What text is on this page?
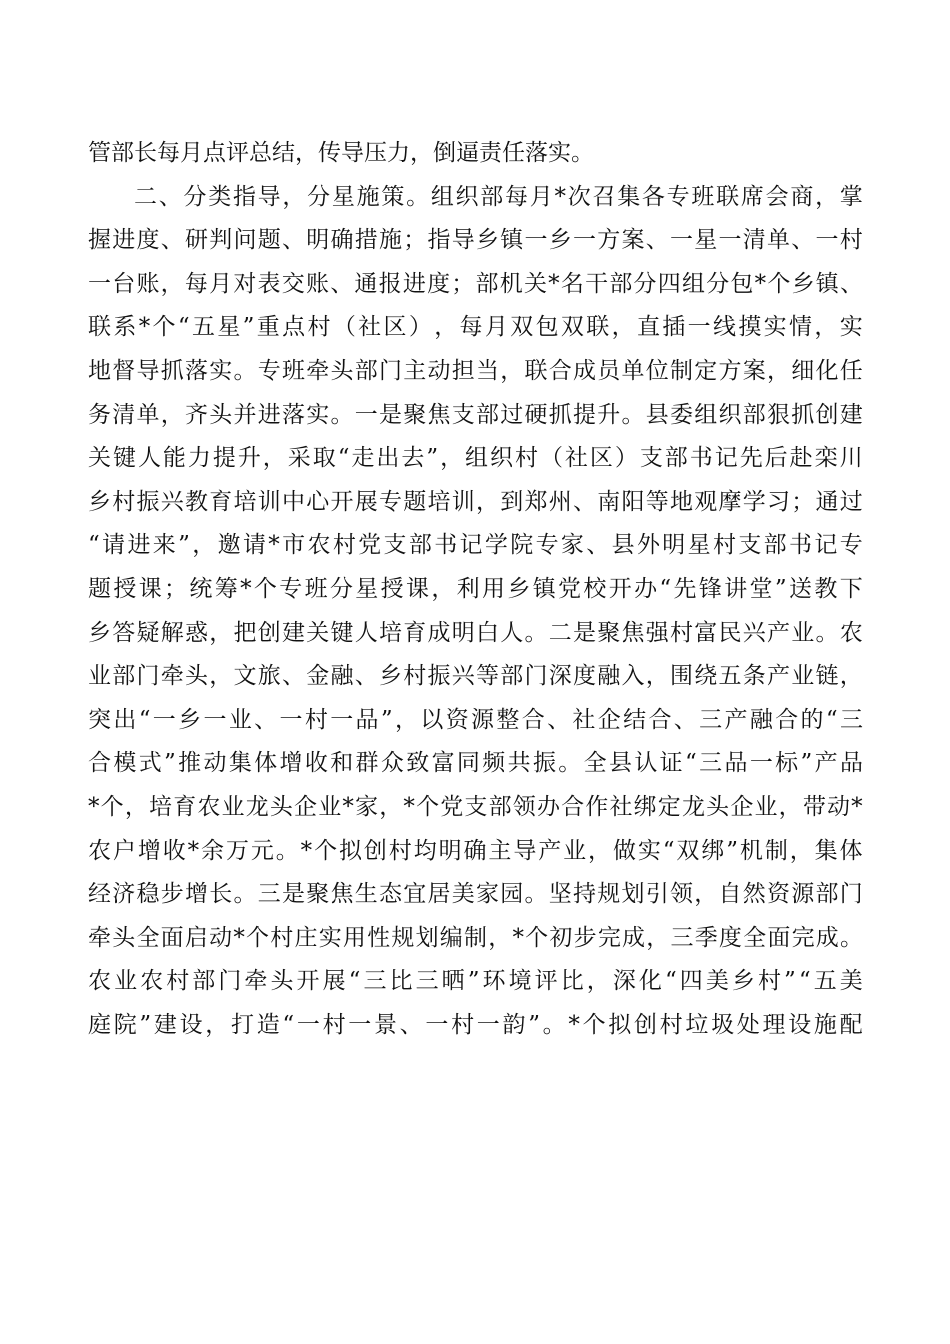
管 部 长 每 月 点 评 总 结 ， 传 导 压 力 ， 倒 逼 责 任 落 实 。
二 、 分 类 指 导 ， 分 星 施 策 。 组 织 部 每 月 * 次 召 集 各 专 班 联 席 会 商 ， 掌
握 进 度 、 研 判 问 题 、 明 确 措 施 ； 指 导 乡 镇 一 乡 一 方 案 、 一 星 一 清 单 、 一 村
一 台 账 ， 每 月 对 表 交 账 、 通 报 进 度 ； 部 机 关 * 名 干 部 分 四 组 分 包 * 个 乡 镇 、
联 系 * 个 “ 五 星 ” 重 点 村 （ 社 区 ） ， 每 月 双 包 双 联 ， 直 插 一 线 摸 实 情 ， 实
地 督 导 抓 落 实 。 专 班 牵 头 部 门 主 动 担 当 ， 联 合 成 员 单 位 制 定 方 案 ， 细 化 任
务 清 单 ， 齐 头 并 进 落 实 。 一 是 聚 焦 支 部 过 硬 抓 提 升 。 县 委 组 织 部 狠 抓 创 建
关 键 人 能 力 提 升 ， 采 取 “ 走 出 去 ” ， 组 织 村 （ 社 区 ） 支 部 书 记 先 后 赴 栾 川
乡 村 振 兴 教 育 培 训 中 心 开 展 专 题 培 训 ， 到 郑 州 、 南 阳 等 地 观 摩 学 习 ； 通 过
“ 请 进 来 ” ， 邀 请 * 市 农 村 党 支 部 书 记 学 院 专 家 、 县 外 明 星 村 支 部 书 记 专
题 授 课 ； 统 筹 * 个 专 班 分 星 授 课 ， 利 用 乡 镇 党 校 开 办 “ 先 锋 讲 堂 ” 送 教 下
乡 答 疑 解 惑 ， 把 创 建 关 键 人 培 育 成 明 白 人 。 二 是 聚 焦 强 村 富 民 兴 产 业 。 农
业 部 门 牵 头 ， 文 旅 、 金 融 、 乡 村 振 兴 等 部 门 深 度 融 入 ， 围 绕 五 条 产 业 链 ，
突 出 “ 一 乡 一 业 、 一 村 一 品 ” ， 以 资 源 整 合 、 社 企 结 合 、 三 产 融 合 的 “ 三
合 模 式 ” 推 动 集 体 增 收 和 群 众 致 富 同 频 共 振 。 全 县 认 证 “ 三 品 一 标 ” 产 品
* 个 ， 培 育 农 业 龙 头 企 业 * 家 ， * 个 党 支 部 领 办 合 作 社 绑 定 龙 头 企 业 ， 带 动 *
农 户 增 收 * 余 万 元 。 * 个 拟 创 村 均 明 确 主 导 产 业 ， 做 实 “ 双 绑 ” 机 制 ， 集 体
经 济 稳 步 增 长 。 三 是 聚 焦 生 态 宜 居 美 家 园 。 坚 持 规 划 引 领 ， 自 然 资 源 部 门
牵 头 全 面 启 动 * 个 村 庄 实 用 性 规 划 编 制 ， * 个 初 步 完 成 ， 三 季 度 全 面 完 成 。
农 业 农 村 部 门 牵 头 开 展 “ 三 比 三 晒 ” 环 境 评 比 ， 深 化 “ 四 美 乡 村 ” “ 五 美
庭 院 ” 建 设 ， 打 造 “ 一 村 一 景 、 一 村 一 韵 ” 。 * 个 拟 创 村 垃 圾 处 理 设 施 配
